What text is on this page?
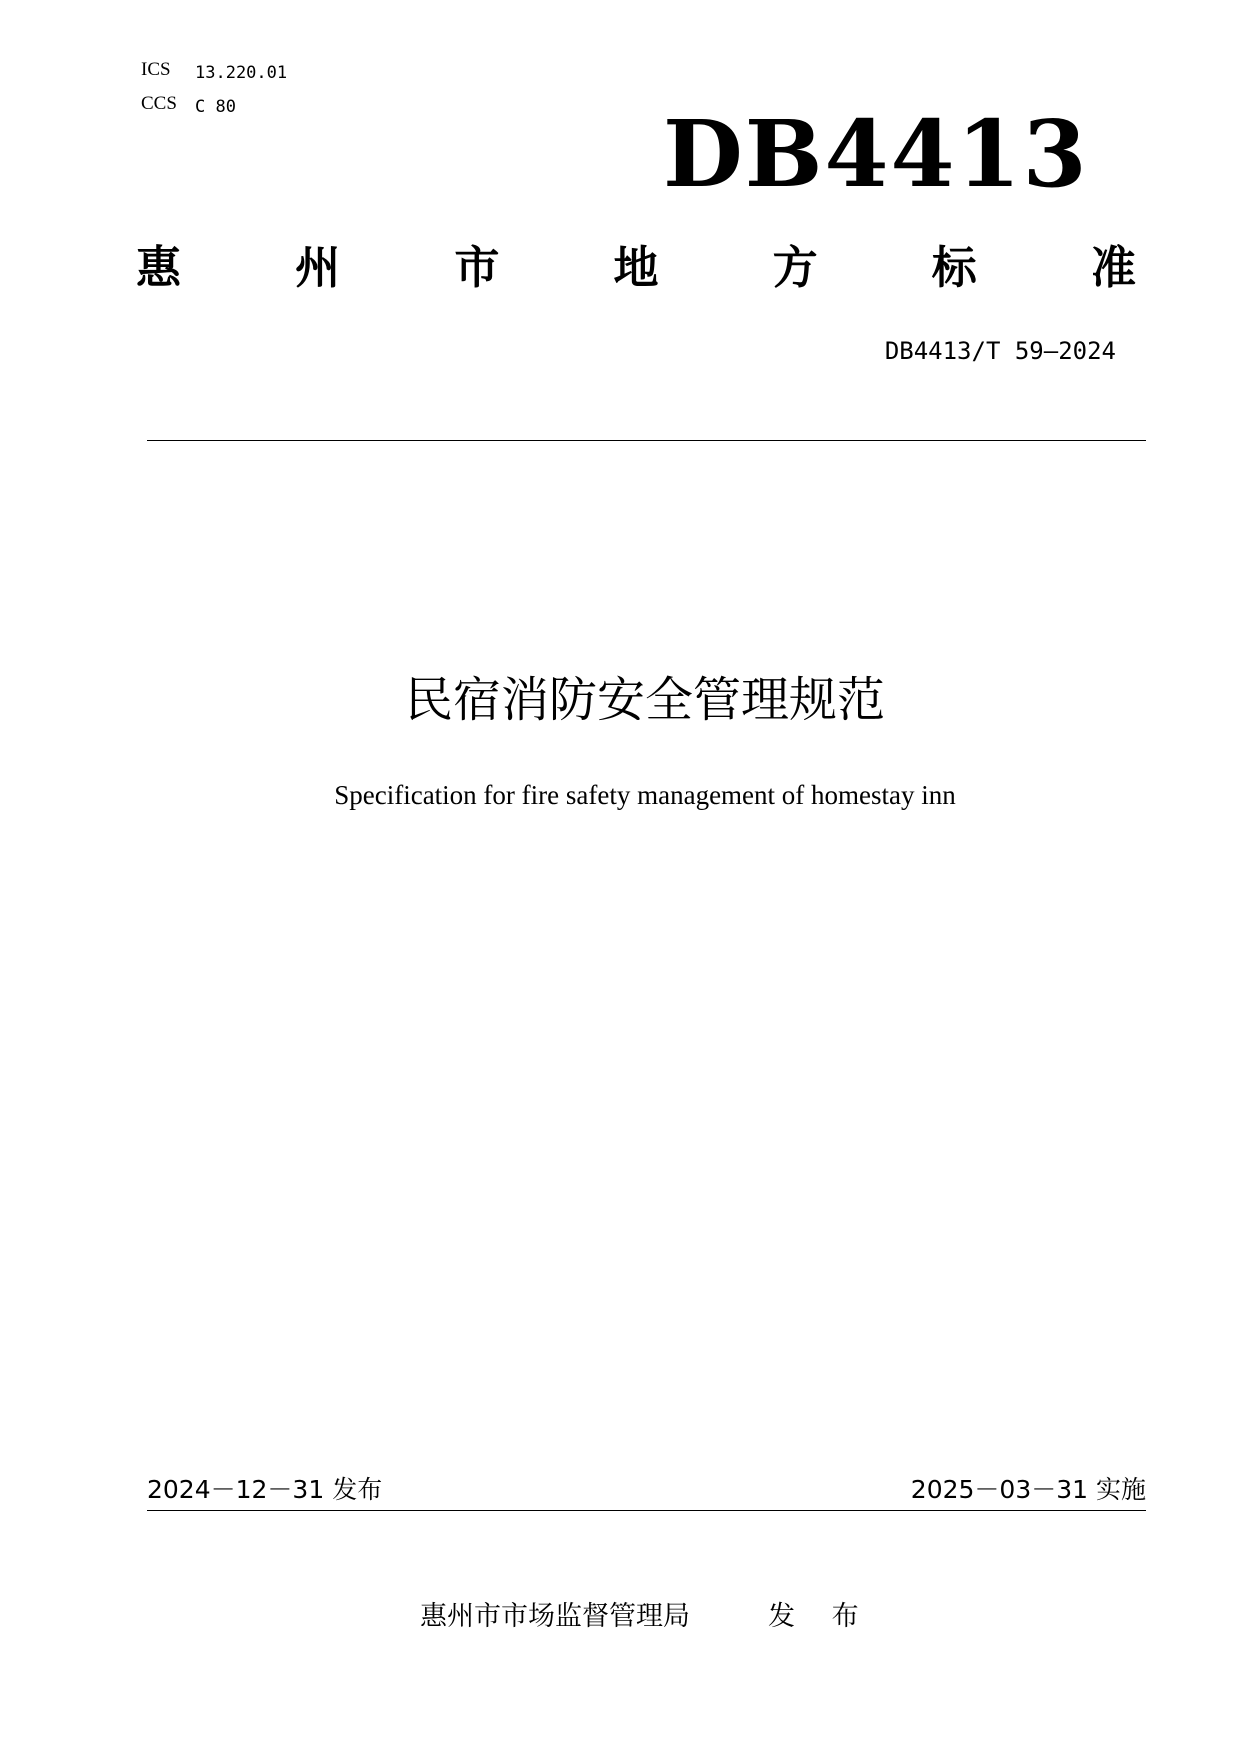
ICS 13.220.01
CCS C 80	DB4413
惠	州	市	地	方	标	准
DB4413/T 59—2024
民宿消防安全管理规范
Specification for fire safety management of homestay inn
2024－12－31 发布	2025－03－31 实施
惠州市市场监督管理局	发 布
